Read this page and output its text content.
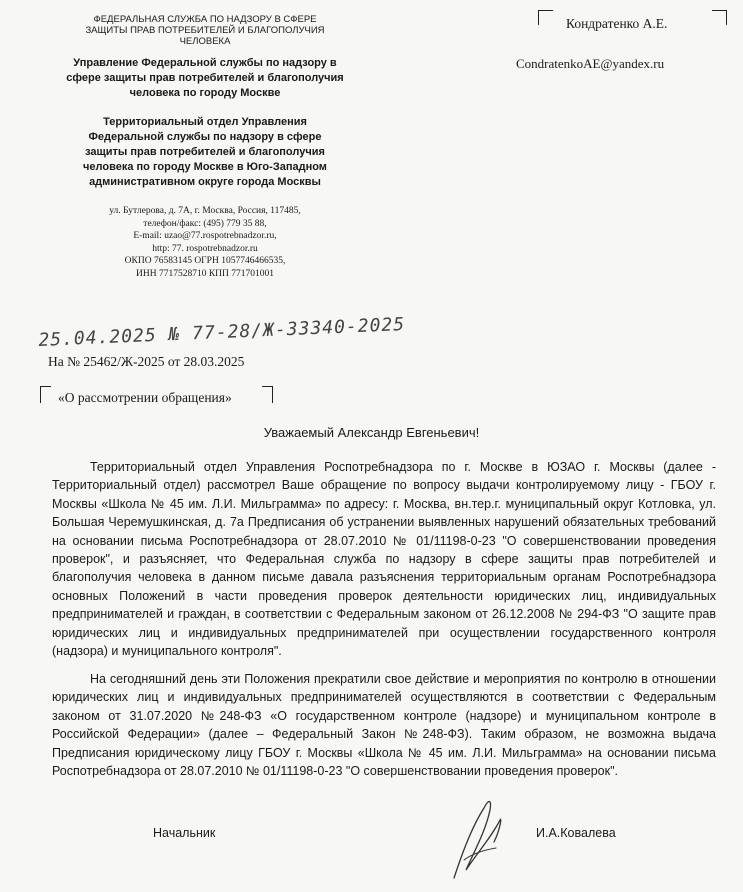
ФЕДЕРАЛЬНАЯ СЛУЖБА ПО НАДЗОРУ В СФЕРЕ
ЗАЩИТЫ ПРАВ ПОТРЕБИТЕЛЕЙ И БЛАГОПОЛУЧИЯ
ЧЕЛОВЕКА
Управление Федеральной службы по надзору в
сфере защиты прав потребителей и благополучия
человека по городу Москве
Территориальный отдел Управления
Федеральной службы по надзору в сфере
защиты прав потребителей и благополучия
человека по городу Москве в Юго-Западном
административном округе города Москвы
ул. Бутлерова, д. 7А, г. Москва, Россия, 117485,
телефон/факс: (495) 779 35 88,
E-mail: uzao@77.rospotrebnadzor.ru,
http: 77. rospotrebnadzor.ru
ОКПО 76583145 ОГРН 1057746466535,
ИНН 7717528710 КПП 771701001
Кондратенко А.Е.
CondratenkoAE@yandex.ru
25.04.2025 № 77-28/Ж-33340-2025
На № 25462/Ж-2025 от 28.03.2025
«О рассмотрении обращения»
Уважаемый Александр Евгеньевич!

Территориальный отдел Управления Роспотребнадзора по г. Москве в ЮЗАО г. Москвы (далее - Территориальный отдел) рассмотрел Ваше обращение по вопросу выдачи контролируемому лицу - ГБОУ г. Москвы «Школа № 45 им. Л.И. Мильграмма» по адресу: г. Москва, вн.тер.г. муниципальный округ Котловка, ул. Большая Черемушкинская, д. 7а Предписания об устранении выявленных нарушений обязательных требований на основании письма Роспотребнадзора от 28.07.2010 № 01/11198-0-23 "О совершенствовании проведения проверок", и разъясняет, что Федеральная служба по надзору в сфере защиты прав потребителей и благополучия человека в данном письме давала разъяснения территориальным органам Роспотребнадзора основных Положений в части проведения проверок деятельности юридических лиц, индивидуальных предпринимателей и граждан, в соответствии с Федеральным законом от 26.12.2008 № 294-ФЗ "О защите прав юридических лиц и индивидуальных предпринимателей при осуществлении государственного контроля (надзора) и муниципального контроля".

На сегодняшний день эти Положения прекратили свое действие и мероприятия по контролю в отношении юридических лиц и индивидуальных предпринимателей осуществляются в соответствии с Федеральным законом от 31.07.2020 №248-ФЗ «О государственном контроле (надзоре) и муниципальном контроле в Российской Федерации» (далее – Федеральный Закон №248-ФЗ). Таким образом, не возможна выдача Предписания юридическому лицу ГБОУ г. Москвы «Школа № 45 им. Л.И. Мильграмма» на основании письма Роспотребнадзора от 28.07.2010 № 01/11198-0-23 "О совершенствовании проведения проверок".

Начальник	И.А.Ковалева
